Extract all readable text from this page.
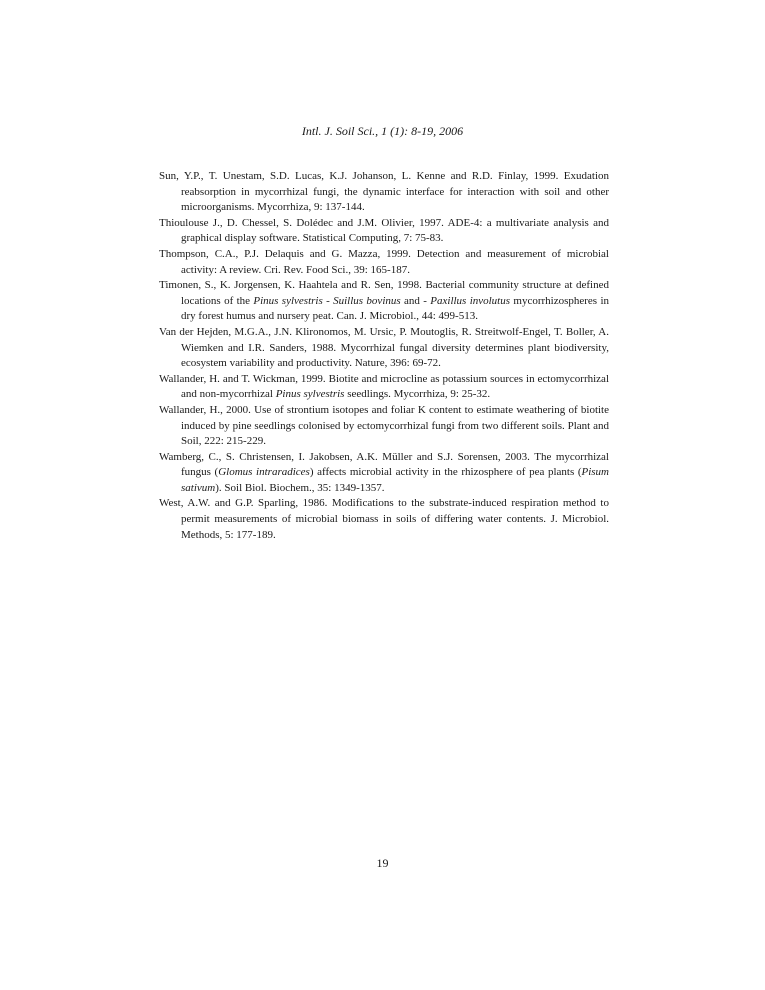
Intl. J. Soil Sci., 1 (1): 8-19, 2006

Sun, Y.P., T. Unestam, S.D. Lucas, K.J. Johanson, L. Kenne and R.D. Finlay, 1999. Exudation reabsorption in mycorrhizal fungi, the dynamic interface for interaction with soil and other microorganisms. Mycorrhiza, 9: 137-144.

Thioulouse J., D. Chessel, S. Dolédec and J.M. Olivier, 1997. ADE-4: a multivariate analysis and graphical display software. Statistical Computing, 7: 75-83.

Thompson, C.A., P.J. Delaquis and G. Mazza, 1999. Detection and measurement of microbial activity: A review. Cri. Rev. Food Sci., 39: 165-187.

Timonen, S., K. Jorgensen, K. Haahtela and R. Sen, 1998. Bacterial community structure at defined locations of the Pinus sylvestris - Suillus bovinus and - Paxillus involutus mycorrhizospheres in dry forest humus and nursery peat. Can. J. Microbiol., 44: 499-513.

Van der Hejden, M.G.A., J.N. Klironomos, M. Ursic, P. Moutoglis, R. Streitwolf-Engel, T. Boller, A. Wiemken and I.R. Sanders, 1988. Mycorrhizal fungal diversity determines plant biodiversity, ecosystem variability and productivity. Nature, 396: 69-72.

Wallander, H. and T. Wickman, 1999. Biotite and microcline as potassium sources in ectomycorrhizal and non-mycorrhizal Pinus sylvestris seedlings. Mycorrhiza, 9: 25-32.

Wallander, H., 2000. Use of strontium isotopes and foliar K content to estimate weathering of biotite induced by pine seedlings colonised by ectomycorrhizal fungi from two different soils. Plant and Soil, 222: 215-229.

Wamberg, C., S. Christensen, I. Jakobsen, A.K. Müller and S.J. Sorensen, 2003. The mycorrhizal fungus (Glomus intraradices) affects microbial activity in the rhizosphere of pea plants (Pisum sativum). Soil Biol. Biochem., 35: 1349-1357.

West, A.W. and G.P. Sparling, 1986. Modifications to the substrate-induced respiration method to permit measurements of microbial biomass in soils of differing water contents. J. Microbiol. Methods, 5: 177-189.

19
